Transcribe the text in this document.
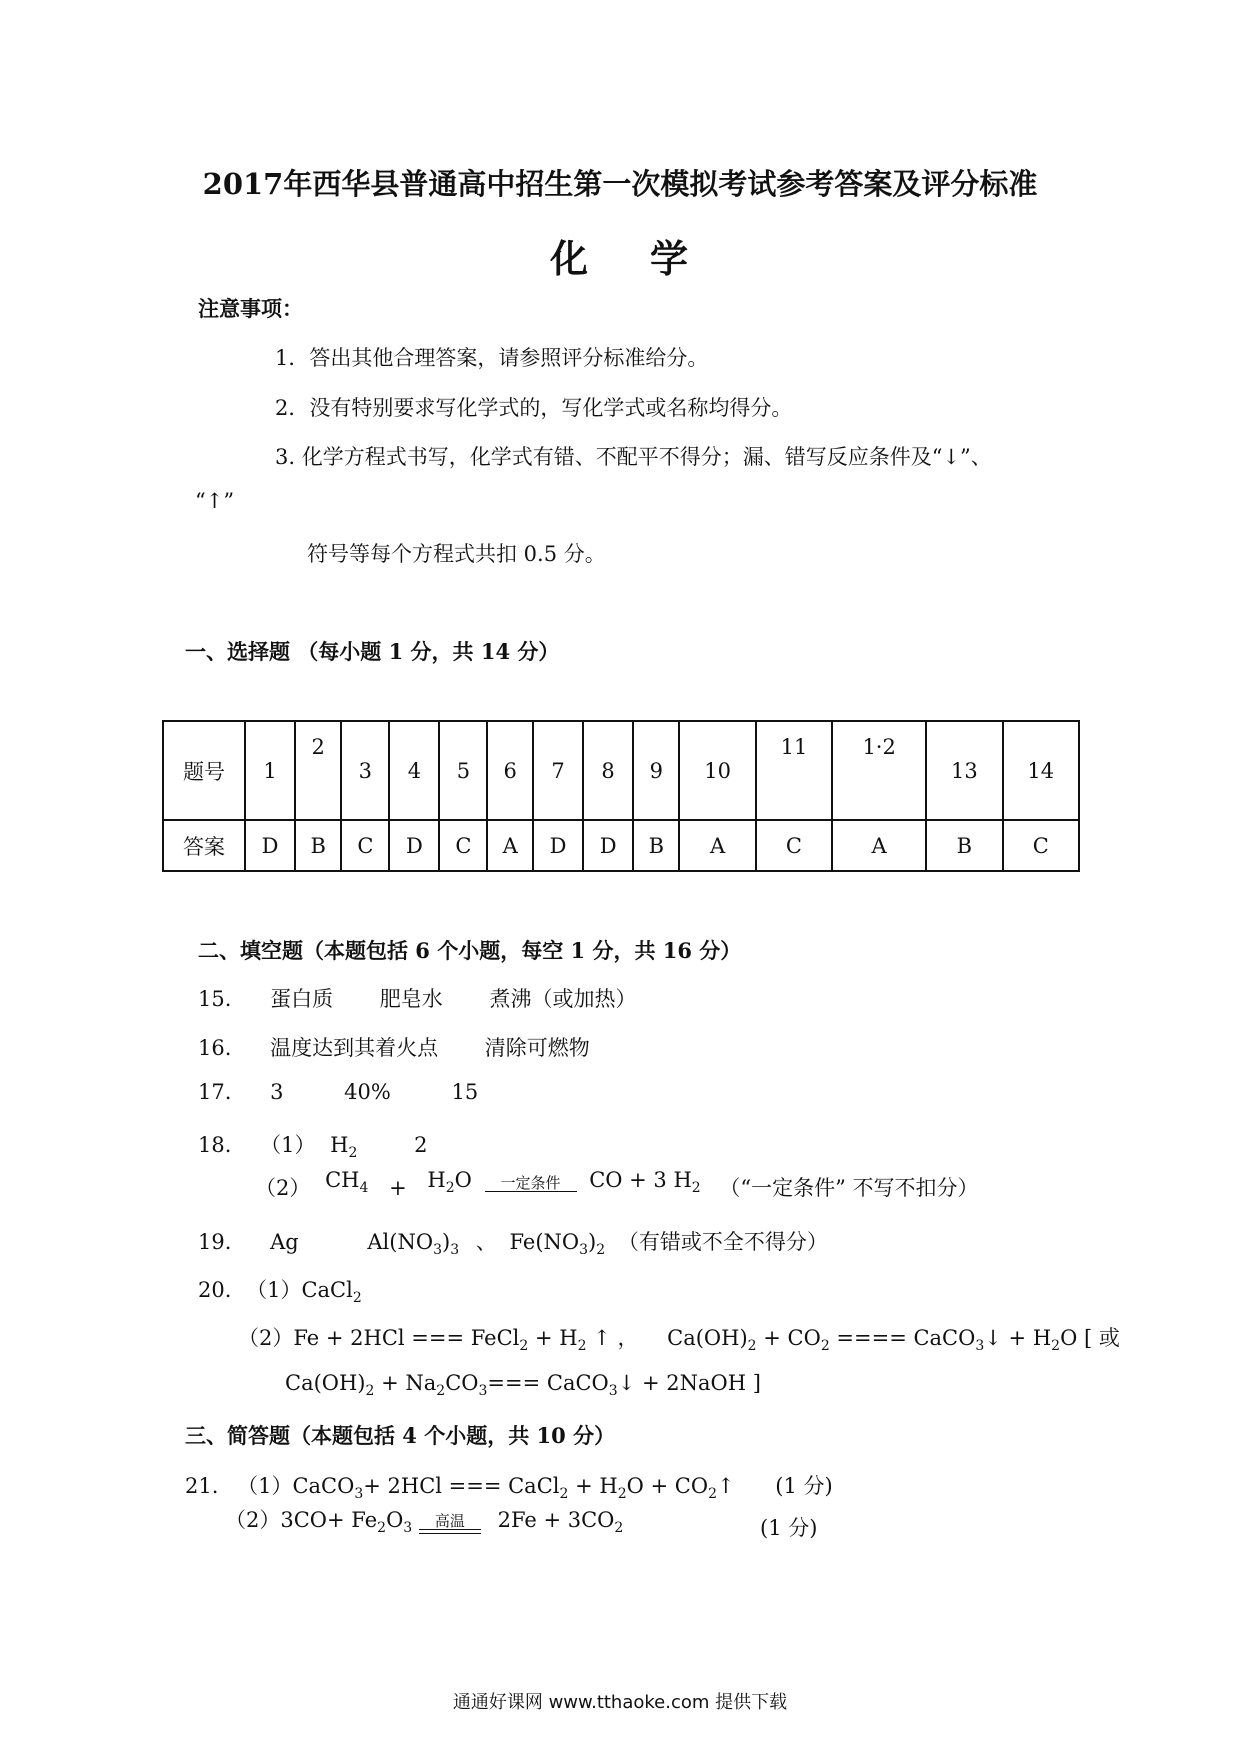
2017年西华县普通高中招生第一次模拟考试参考答案及评分标准
化 学
注意事项：
1．答出其他合理答案，请参照评分标准给分。
2．没有特别要求写化学式的，写化学式或名称均得分。
3. 化学方程式书写，化学式有错、不配平不得分；漏、错写反应条件及“↓”、
“↑”
符号等每个方程式共扣 0.5 分。
一、选择题 （每小题 1 分，共 14 分）
题号	1	2	3	4	5	6	7	8	9	10	11	1·2	13	14
答案	D	B	C	D	C	A	D	D	B	A	C	A	B	C
二、填空题（本题包括 6 个小题，每空 1 分，共 16 分）
15. 蛋白质 肥皂水 煮沸（或加热）
16. 温度达到其着火点 清除可燃物
17. 3	40%	15
18. （1） $H_2$	2
（2） $CH_4 + H_2O$	一定条件	CO + 3 $H_2$ （“一定条件” 不写不扣分）
19. Ag	$Al(NO_3)_3$ 、 $Fe(NO_3)_2$ （有错或不全不得分）
20. （1）CaCl$_2$
（2）Fe + 2HCl === FeCl$_2$ + $H_2$ ↑ ， $Ca(OH)_2 + CO_2$ ==== CaCO$_3$↓ + $H_2O$ [ 或
$Ca(OH)_2 + Na_2CO_3===$ CaCO$_3$↓ + 2NaOH ]
三、简答题（本题包括 4 个小题，共 10 分）
21. （1）CaCO$_3$+ 2HCl === CaCl$_2$ + $H_2O$ + $CO_2↑$ (1 分)
$(2)3CO+ Fe_2O_3$	高温	$2Fe + 3CO_2$	(1 分)
通通好课网 www.tthaoke.com 提供下载
